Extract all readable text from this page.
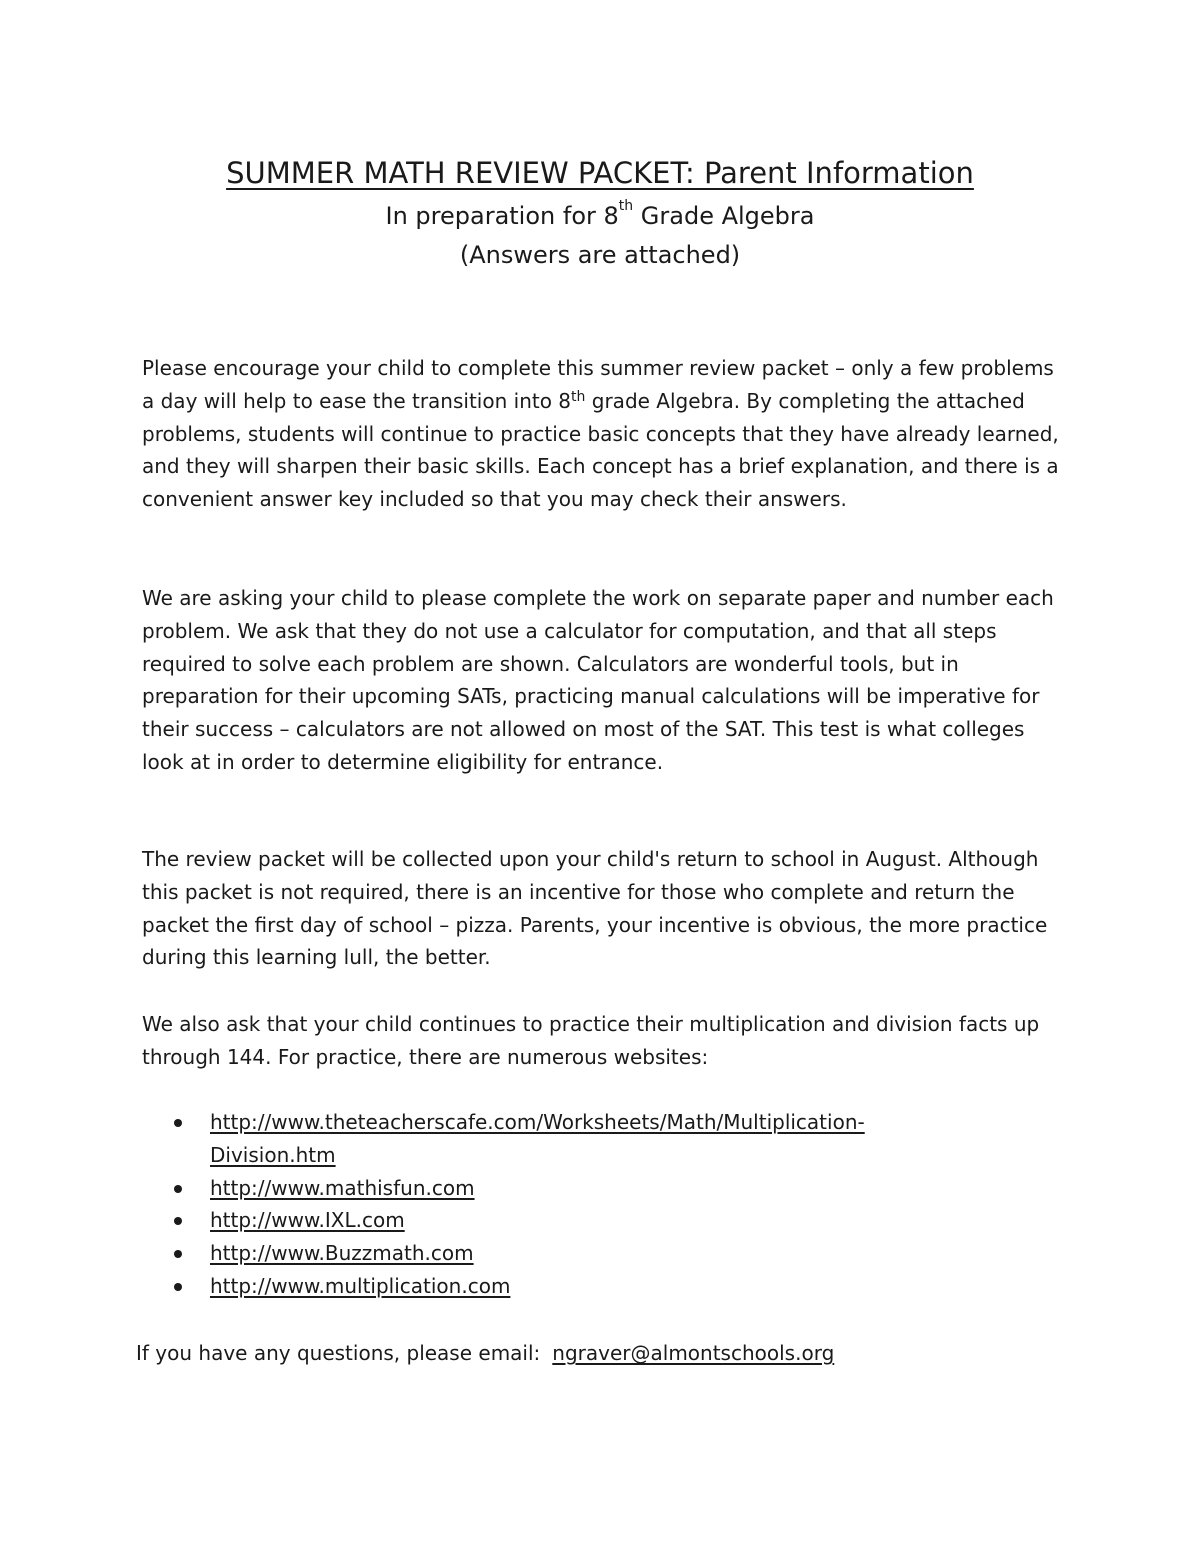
SUMMER MATH REVIEW PACKET: Parent Information

In preparation for 8th Grade Algebra

(Answers are attached)

Please encourage your child to complete this summer review packet – only a few problems a day will help to ease the transition into 8th grade Algebra. By completing the attached problems, students will continue to practice basic concepts that they have already learned, and they will sharpen their basic skills. Each concept has a brief explanation, and there is a convenient answer key included so that you may check their answers.

We are asking your child to please complete the work on separate paper and number each problem. We ask that they do not use a calculator for computation, and that all steps required to solve each problem are shown. Calculators are wonderful tools, but in preparation for their upcoming SATs, practicing manual calculations will be imperative for their success – calculators are not allowed on most of the SAT. This test is what colleges look at in order to determine eligibility for entrance.

The review packet will be collected upon your child's return to school in August. Although this packet is not required, there is an incentive for those who complete and return the packet the first day of school – pizza. Parents, your incentive is obvious, the more practice during this learning lull, the better.

We also ask that your child continues to practice their multiplication and division facts up through 144. For practice, there are numerous websites:

http://www.theteacherscafe.com/Worksheets/Math/Multiplication-
Division.htm
http://www.mathisfun.com
http://www.IXL.com
http://www.Buzzmath.com
http://www.multiplication.com

If you have any questions, please email: ngraver@almontschools.org
